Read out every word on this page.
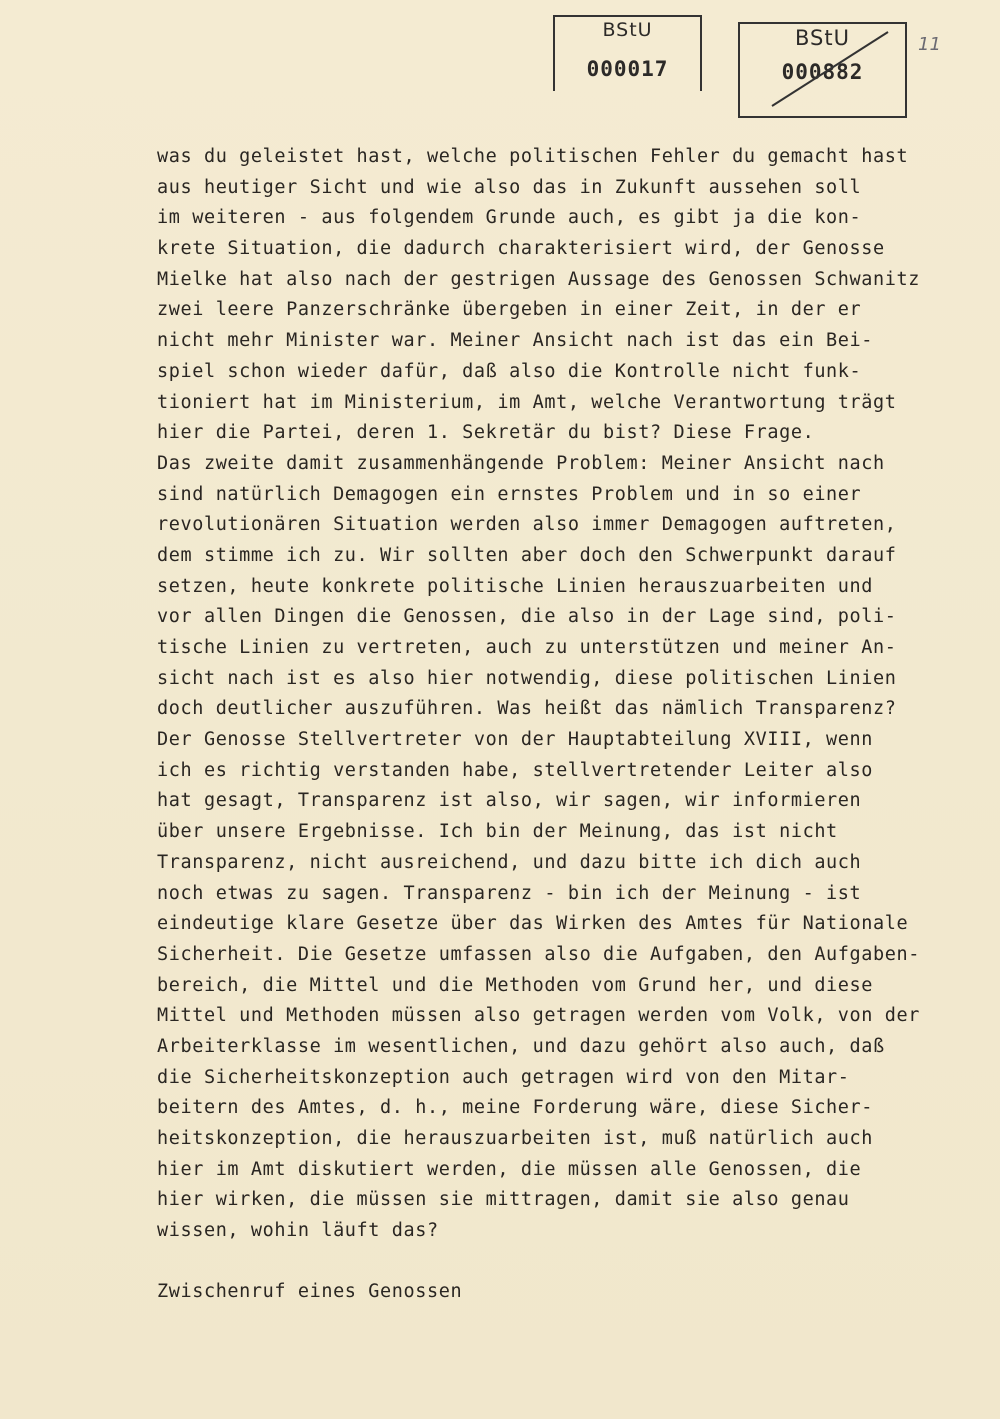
BStU
000017
BStU
000882
11
was du geleistet hast, welche politischen Fehler du gemacht hast
aus heutiger Sicht und wie also das in Zukunft aussehen soll
im weiteren - aus folgendem Grunde auch, es gibt ja die kon-
krete Situation, die dadurch charakterisiert wird, der Genosse
Mielke hat also nach der gestrigen Aussage des Genossen Schwanitz
zwei leere Panzerschränke übergeben in einer Zeit, in der er
nicht mehr Minister war. Meiner Ansicht nach ist das ein Bei-
spiel schon wieder dafür, daß also die Kontrolle nicht funk-
tioniert hat im Ministerium, im Amt, welche Verantwortung trägt
hier die Partei, deren 1. Sekretär du bist? Diese Frage.
Das zweite damit zusammenhängende Problem: Meiner Ansicht nach
sind natürlich Demagogen ein ernstes Problem und in so einer
revolutionären Situation werden also immer Demagogen auftreten,
dem stimme ich zu. Wir sollten aber doch den Schwerpunkt darauf
setzen, heute konkrete politische Linien herauszuarbeiten und
vor allen Dingen die Genossen, die also in der Lage sind, poli-
tische Linien zu vertreten, auch zu unterstützen und meiner An-
sicht nach ist es also hier notwendig, diese politischen Linien
doch deutlicher auszuführen. Was heißt das nämlich Transparenz?
Der Genosse Stellvertreter von der Hauptabteilung XVIII, wenn
ich es richtig verstanden habe, stellvertretender Leiter also
hat gesagt, Transparenz ist also, wir sagen, wir informieren
über unsere Ergebnisse. Ich bin der Meinung, das ist nicht
Transparenz, nicht ausreichend, und dazu bitte ich dich auch
noch etwas zu sagen. Transparenz - bin ich der Meinung - ist
eindeutige klare Gesetze über das Wirken des Amtes für Nationale
Sicherheit. Die Gesetze umfassen also die Aufgaben, den Aufgaben-
bereich, die Mittel und die Methoden vom Grund her, und diese
Mittel und Methoden müssen also getragen werden vom Volk, von der
Arbeiterklasse im wesentlichen, und dazu gehört also auch, daß
die Sicherheitskonzeption auch getragen wird von den Mitar-
beitern des Amtes, d. h., meine Forderung wäre, diese Sicher-
heitskonzeption, die herauszuarbeiten ist, muß natürlich auch
hier im Amt diskutiert werden, die müssen alle Genossen, die
hier wirken, die müssen sie mittragen, damit sie also genau
wissen, wohin läuft das?
Zwischenruf eines Genossen
